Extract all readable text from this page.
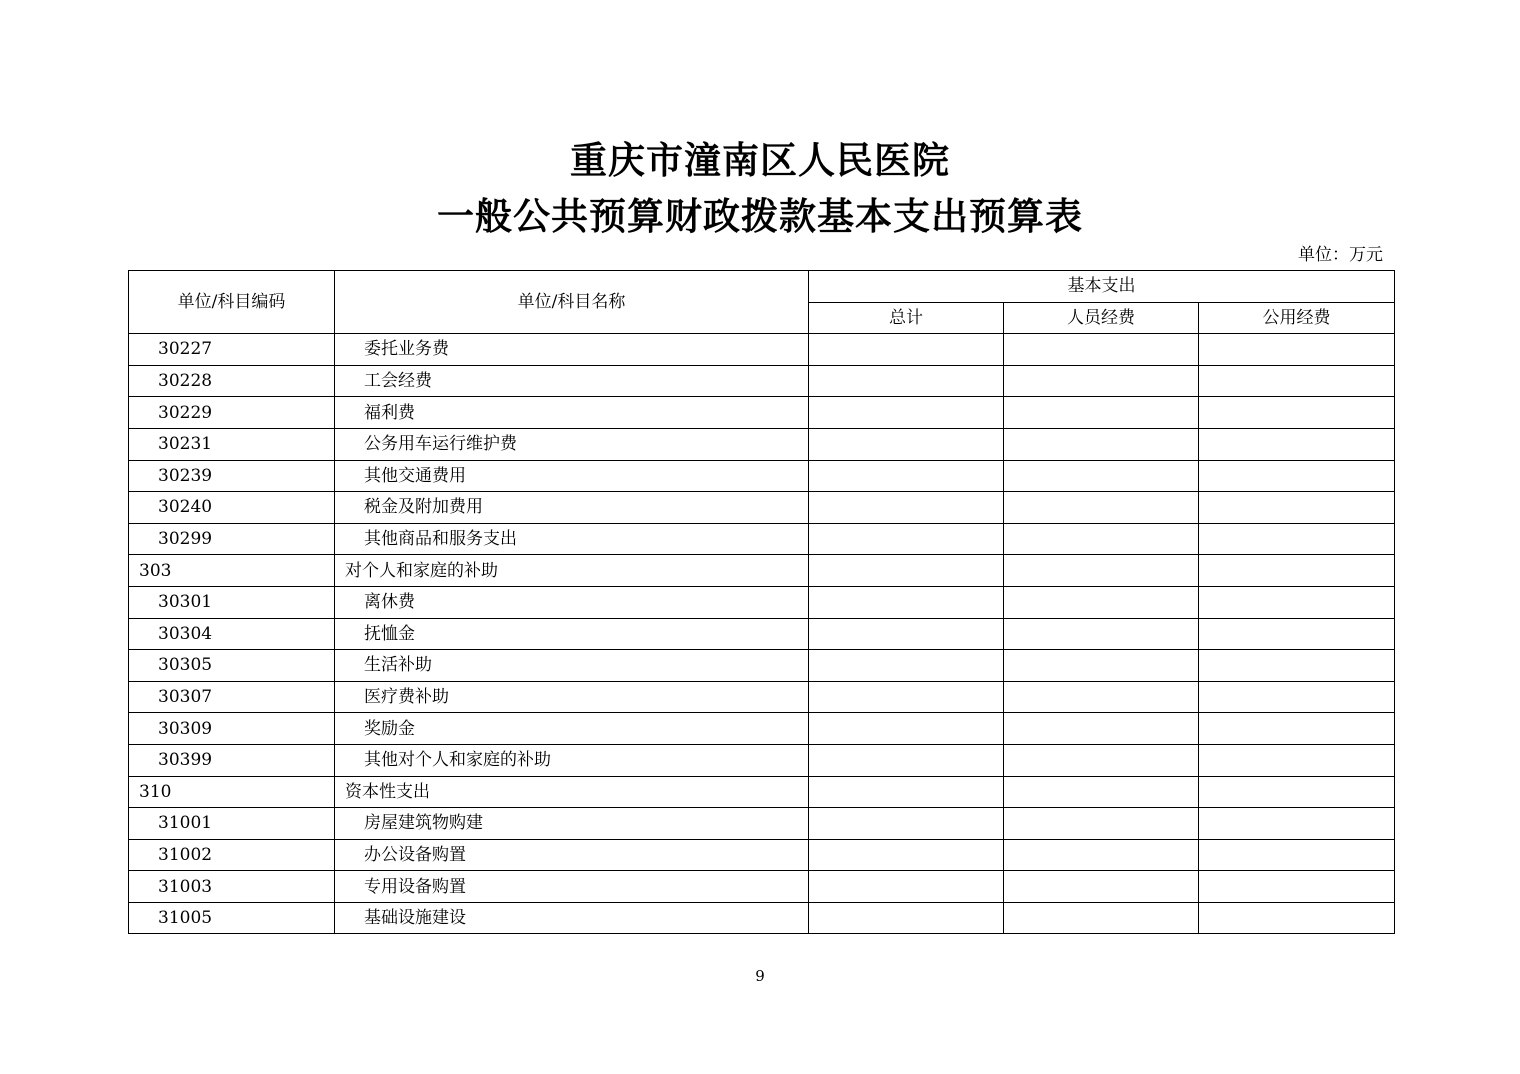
重庆市潼南区人民医院
一般公共预算财政拨款基本支出预算表
单位：万元
单位/科目编码	单位/科目名称	基本支出		
		总计	人员经费	公用经费
30227	委托业务费			
30228	工会经费			
30229	福利费			
30231	公务用车运行维护费			
30239	其他交通费用			
30240	税金及附加费用			
30299	其他商品和服务支出			
303	对个人和家庭的补助			
30301	离休费			
30304	抚恤金			
30305	生活补助			
30307	医疗费补助			
30309	奖励金			
30399	其他对个人和家庭的补助			
310	资本性支出			
31001	房屋建筑物购建			
31002	办公设备购置			
31003	专用设备购置			
31005	基础设施建设			
9
